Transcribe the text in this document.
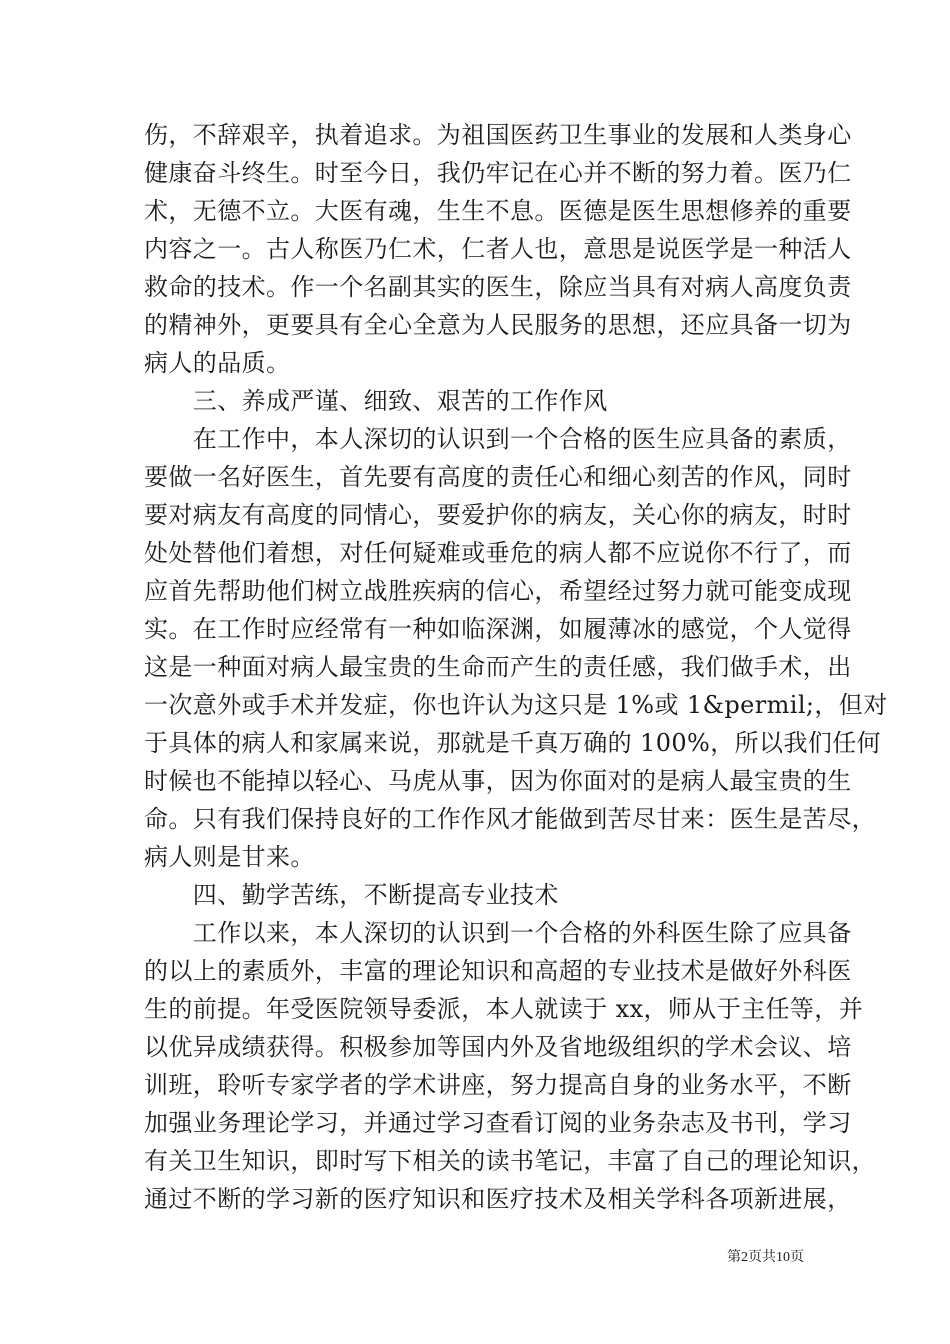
伤，不辞艰辛，执着追求。为祖国医药卫生事业的发展和人类身心
健康奋斗终生。时至今日，我仍牢记在心并不断的努力着。医乃仁
术，无德不立。大医有魂，生生不息。医德是医生思想修养的重要
内容之一。古人称医乃仁术，仁者人也，意思是说医学是一种活人
救命的技术。作一个名副其实的医生，除应当具有对病人高度负责
的精神外，更要具有全心全意为人民服务的思想，还应具备一切为
病人的品质。
　　三、养成严谨、细致、艰苦的工作作风
　　在工作中，本人深切的认识到一个合格的医生应具备的素质，
要做一名好医生，首先要有高度的责任心和细心刻苦的作风，同时
要对病友有高度的同情心，要爱护你的病友，关心你的病友，时时
处处替他们着想，对任何疑难或垂危的病人都不应说你不行了，而
应首先帮助他们树立战胜疾病的信心，希望经过努力就可能变成现
实。在工作时应经常有一种如临深渊，如履薄冰的感觉，个人觉得
这是一种面对病人最宝贵的生命而产生的责任感，我们做手术，出
一次意外或手术并发症，你也许认为这只是 1%或 1&permil;，但对
于具体的病人和家属来说，那就是千真万确的 100%，所以我们任何
时候也不能掉以轻心、马虎从事，因为你面对的是病人最宝贵的生
命。只有我们保持良好的工作作风才能做到苦尽甘来：医生是苦尽，
病人则是甘来。
　　四、勤学苦练，不断提高专业技术
　　工作以来，本人深切的认识到一个合格的外科医生除了应具备
的以上的素质外，丰富的理论知识和高超的专业技术是做好外科医
生的前提。年受医院领导委派，本人就读于 xx，师从于主任等，并
以优异成绩获得。积极参加等国内外及省地级组织的学术会议、培
训班，聆听专家学者的学术讲座，努力提高自身的业务水平，不断
加强业务理论学习，并通过学习查看订阅的业务杂志及书刊，学习
有关卫生知识，即时写下相关的读书笔记，丰富了自己的理论知识，
通过不断的学习新的医疗知识和医疗技术及相关学科各项新进展，
第2页共10页
